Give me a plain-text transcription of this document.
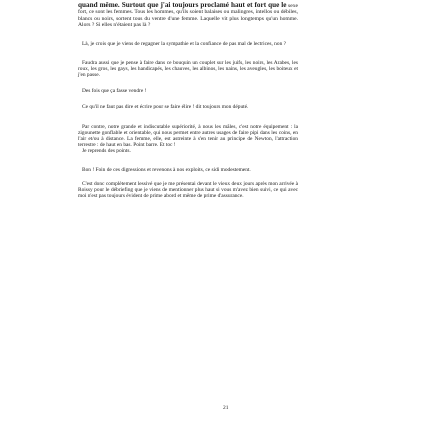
quand même. Surtout que j'ai toujours proclamé haut et fort que le sexe fort, ce sont les femmes. Tous les hommes, qu'ils soient balaises ou malingres, intellos ou débiles, blancs ou noirs, sortent tous du ventre d'une femme. Laquelle vit plus longtemps qu'un homme. Alors ? Si elles n'étaient pas là ?

Là, je crois que je viens de regagner la sympathie et la confiance de pas mal de lectrices, non ?

Faudra aussi que je pense à faire dans ce bouquin un couplet sur les juifs, les noirs, les Arabes, les roux, les gros, les gays, les handicapés, les chauves, les albinos, les nains, les aveugles, les boiteux et j'en passe.

Des fois que ça fasse vendre !

Ce qu'il ne faut pas dire et écrire pour se faire élire ! dit toujours mon député.

Par contre, notre grande et indiscutable supériorité, à nous les mâles, c'est notre équipement : la zigounette gonflable et orientable, qui nous permet entre autres usages de faire pipi dans les coins, en l'air et/ou à distance. La femme, elle, est astreinte à s'en tenir au principe de Newton, l'attraction terrestre : de haut en bas. Point barre. Et toc !

Je reprends des points.

Bon ! Foin de ces digressions et revenons à nos exploits, ce sidi modestement.

C'est donc complètement lessivé que je me présentai devant le vieux deux jours après mon arrivée à Roissy pour le débriefing que je viens de mentionner plus haut si vous m'avez bien suivi, ce qui avec moi n'est pas toujours évident de prime abord et même de prime d'assurance.

21
